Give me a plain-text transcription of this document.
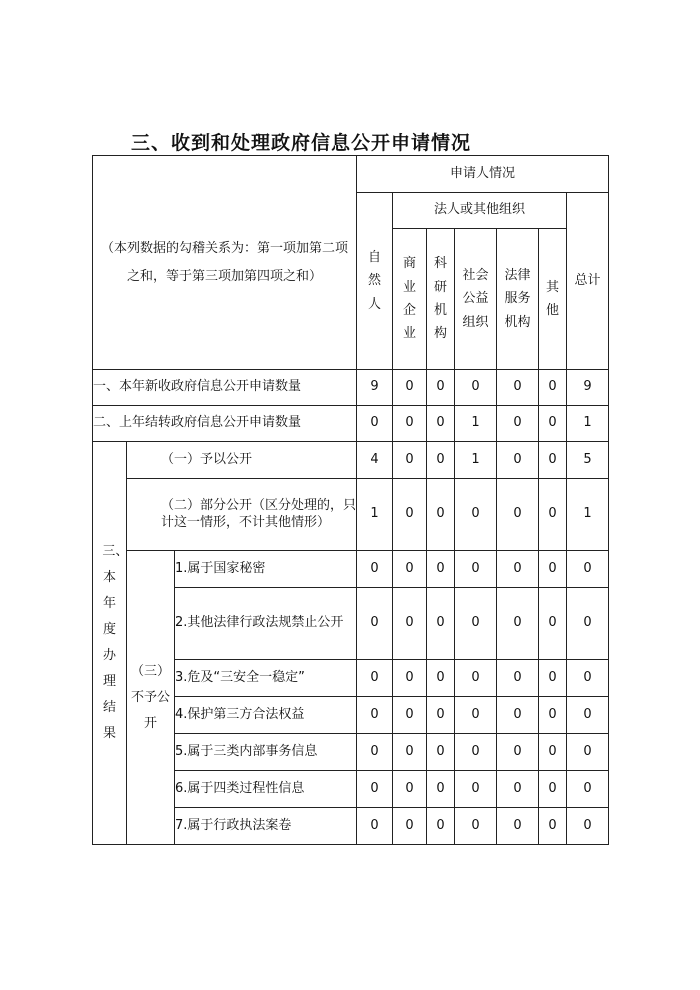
三、收到和处理政府信息公开申请情况
（本列数据的勾稽关系为：第一项加第二项之和，等于第三项加第四项之和）			申请人情况						

			自然人	法人或其他组织					总计

				商业企业	科研机构	社会公益组织	法律服务机构	其他	

一、本年新收政府信息公开申请数量			9	0	0	0	0	0	9
二、上年结转政府信息公开申请数量			0	0	0	1	0	0	1

三、本年度办理结果	（一）予以公开		4	0	0	1	0	0	5
	（二）部分公开（区分处理的，只计这一情形，不计其他情形）		1	0	0	0	0	0	1

	（三）不予公开	1.属于国家秘密	0	0	0	0	0	0	0
		2.其他法律行政法规禁止公开	0	0	0	0	0	0	0
		3.危及“三安全一稳定”	0	0	0	0	0	0	0
		4.保护第三方合法权益	0	0	0	0	0	0	0
		5.属于三类内部事务信息	0	0	0	0	0	0	0
		6.属于四类过程性信息	0	0	0	0	0	0	0
		7.属于行政执法案卷	0	0	0	0	0	0	0
